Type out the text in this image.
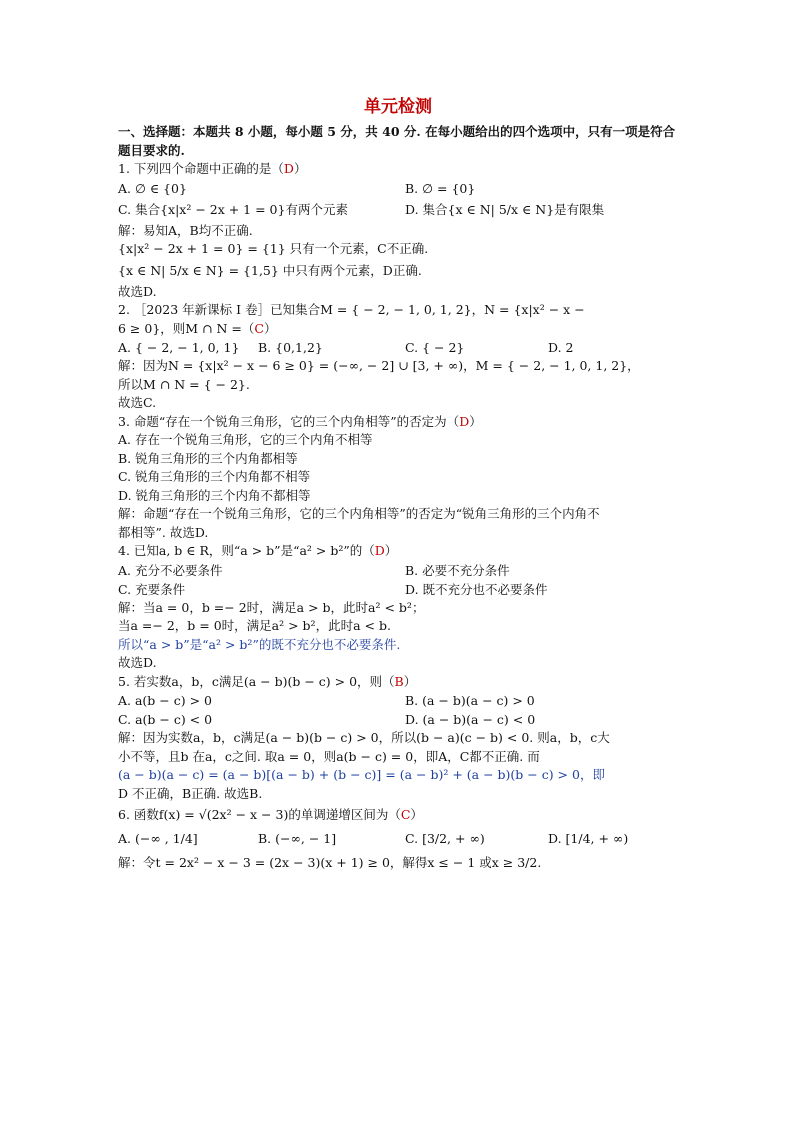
单元检测
一、选择题：本题共 8 小题，每小题 5 分，共 40 分. 在每小题给出的四个选项中，只有一项是符合题目要求的.
1. 下列四个命题中正确的是（D）
A. ∅ ∈ {0}	B. ∅ = {0}
C. 集合{x|x² − 2x + 1 = 0}有两个元素	D. 集合{x ∈ N| 5/x ∈ N}是有限集
解：易知A，B均不正确.
{x|x² − 2x + 1 = 0} = {1} 只有一个元素，C不正确.
{x ∈ N| 5/x ∈ N} = {1,5} 中只有两个元素，D正确.
故选D.
2. ［2023 年新课标 I 卷］已知集合M = { − 2, − 1, 0, 1, 2}，N = {x|x² − x −
6 ≥ 0}，则M ∩ N =（C）
A. { − 2, − 1, 0, 1}	B. {0,1,2}	C. { − 2}	D. 2
解：因为N = {x|x² − x − 6 ≥ 0} = (−∞, − 2] ∪ [3, + ∞)，M = { − 2, − 1, 0, 1, 2}，
所以M ∩ N = { − 2}.
故选C.
3. 命题“存在一个锐角三角形，它的三个内角相等”的否定为（D）
A. 存在一个锐角三角形，它的三个内角不相等
B. 锐角三角形的三个内角都相等
C. 锐角三角形的三个内角都不相等
D. 锐角三角形的三个内角不都相等
解：命题“存在一个锐角三角形，它的三个内角相等”的否定为“锐角三角形的三个内角不
都相等”. 故选D.
4. 已知a, b ∈ R，则“a > b”是“a² > b²”的（D）
A. 充分不必要条件	B. 必要不充分条件
C. 充要条件	D. 既不充分也不必要条件
解：当a = 0，b =− 2时，满足a > b，此时a² < b²；
当a =− 2，b = 0时，满足a² > b²，此时a < b.
所以“a > b”是“a² > b²”的既不充分也不必要条件.
故选D.
5. 若实数a，b，c满足(a − b)(b − c) > 0，则（B）
A. a(b − c) > 0	B. (a − b)(a − c) > 0
C. a(b − c) < 0	D. (a − b)(a − c) < 0
解：因为实数a，b，c满足(a − b)(b − c) > 0，所以(b − a)(c − b) < 0. 则a，b，c大
小不等，且b 在a，c之间. 取a = 0，则a(b − c) = 0，即A，C都不正确. 而
(a − b)(a − c) = (a − b)[(a − b) + (b − c)] = (a − b)² + (a − b)(b − c) > 0，即
D 不正确，B正确. 故选B.
6. 函数f(x) = √(2x² − x − 3)的单调递增区间为（C）
A. (−∞ , 1/4]	B. (−∞, − 1]	C. [3/2, + ∞)	D. [1/4, + ∞)
解：令t = 2x² − x − 3 = (2x − 3)(x + 1) ≥ 0，解得x ≤ − 1 或x ≥ 3/2.
